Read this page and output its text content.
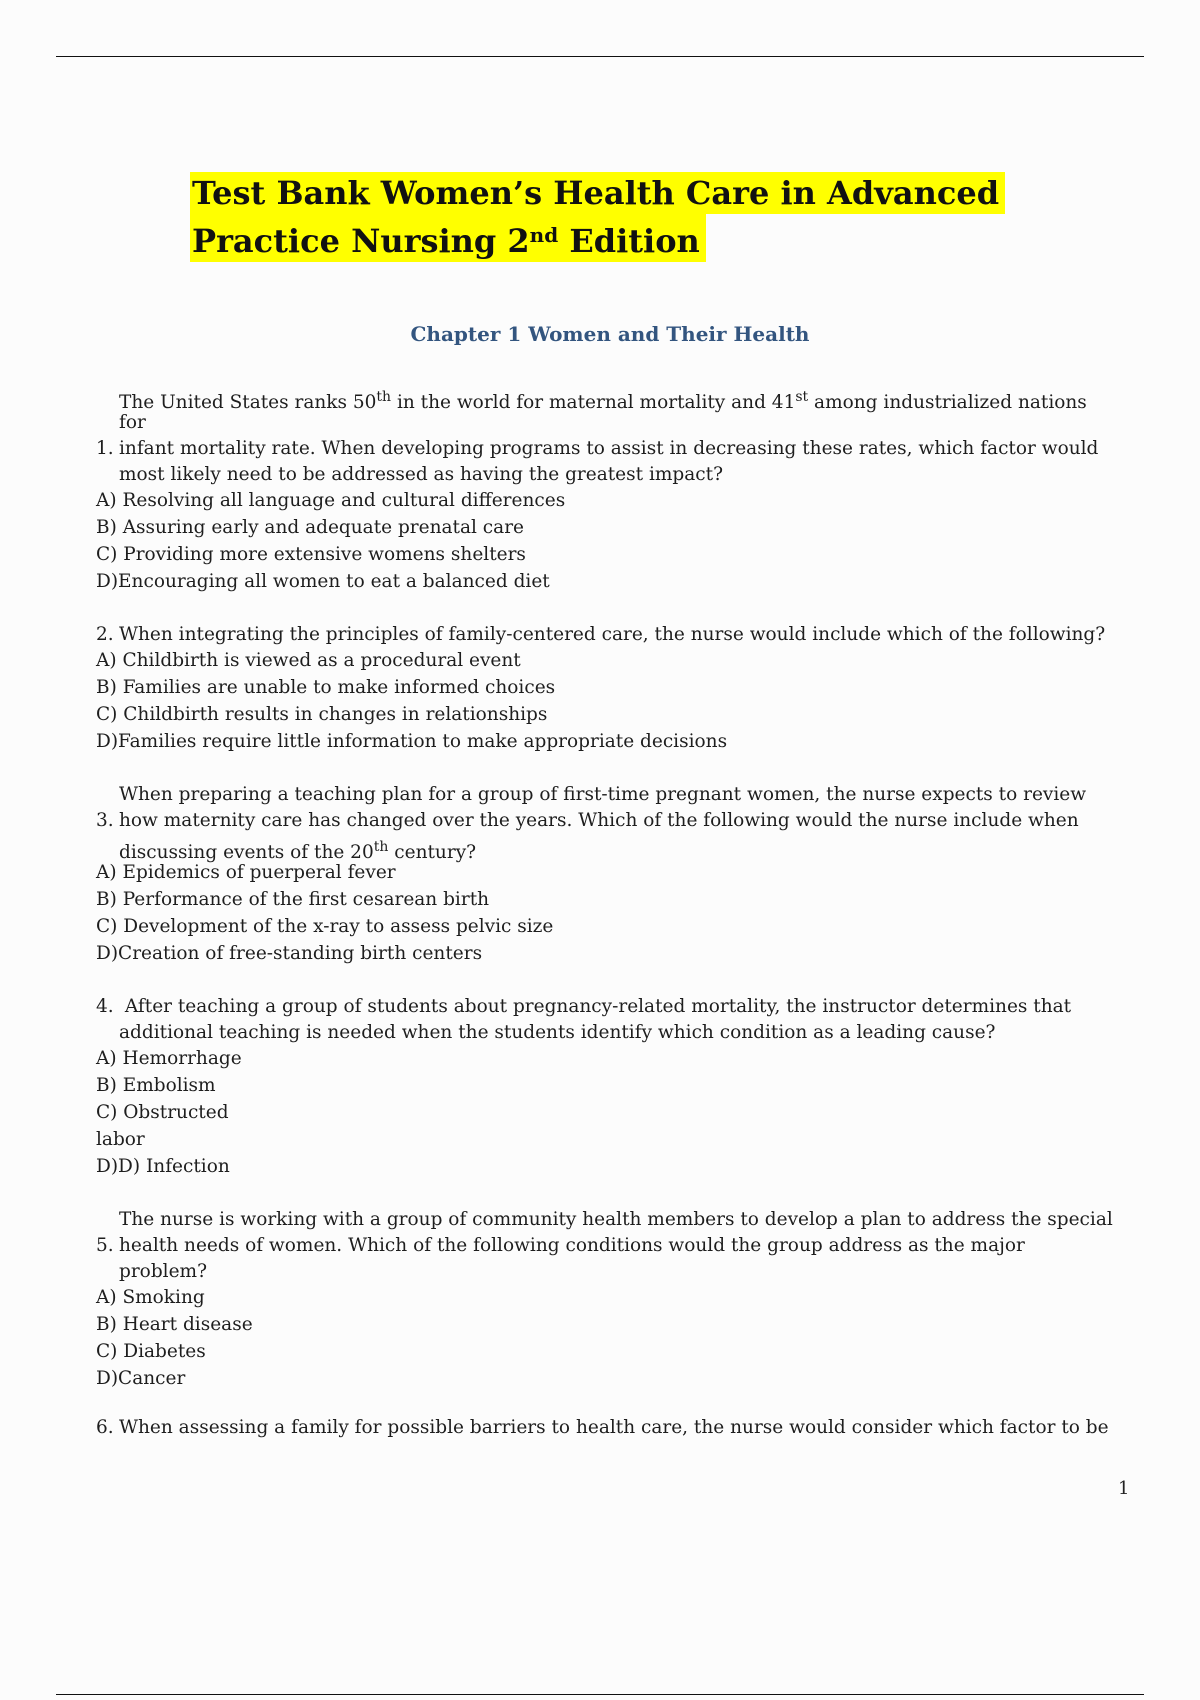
Test Bank Women’s Health Care in Advanced
Practice Nursing 2nd Edition
Chapter 1 Women and Their Health
The United States ranks 50th in the world for maternal mortality and 41st among industrialized nations
for
1. infant mortality rate. When developing programs to assist in decreasing these rates, which factor would
most likely need to be addressed as having the greatest impact?
A) Resolving all language and cultural differences
B) Assuring early and adequate prenatal care
C) Providing more extensive womens shelters
D)Encouraging all women to eat a balanced diet
2. When integrating the principles of family-centered care, the nurse would include which of the following?
A) Childbirth is viewed as a procedural event
B) Families are unable to make informed choices
C) Childbirth results in changes in relationships
D)Families require little information to make appropriate decisions
When preparing a teaching plan for a group of first-time pregnant women, the nurse expects to review
3. how maternity care has changed over the years. Which of the following would the nurse include when
discussing events of the 20th century?
A) Epidemics of puerperal fever
B) Performance of the first cesarean birth
C) Development of the x-ray to assess pelvic size
D)Creation of free-standing birth centers
4. After teaching a group of students about pregnancy-related mortality, the instructor determines that
additional teaching is needed when the students identify which condition as a leading cause?
A) Hemorrhage
B) Embolism
C) Obstructed
labor
D)D) Infection
The nurse is working with a group of community health members to develop a plan to address the special
5. health needs of women. Which of the following conditions would the group address as the major
problem?
A) Smoking
B) Heart disease
C) Diabetes
D)Cancer
6. When assessing a family for possible barriers to health care, the nurse would consider which factor to be
1
